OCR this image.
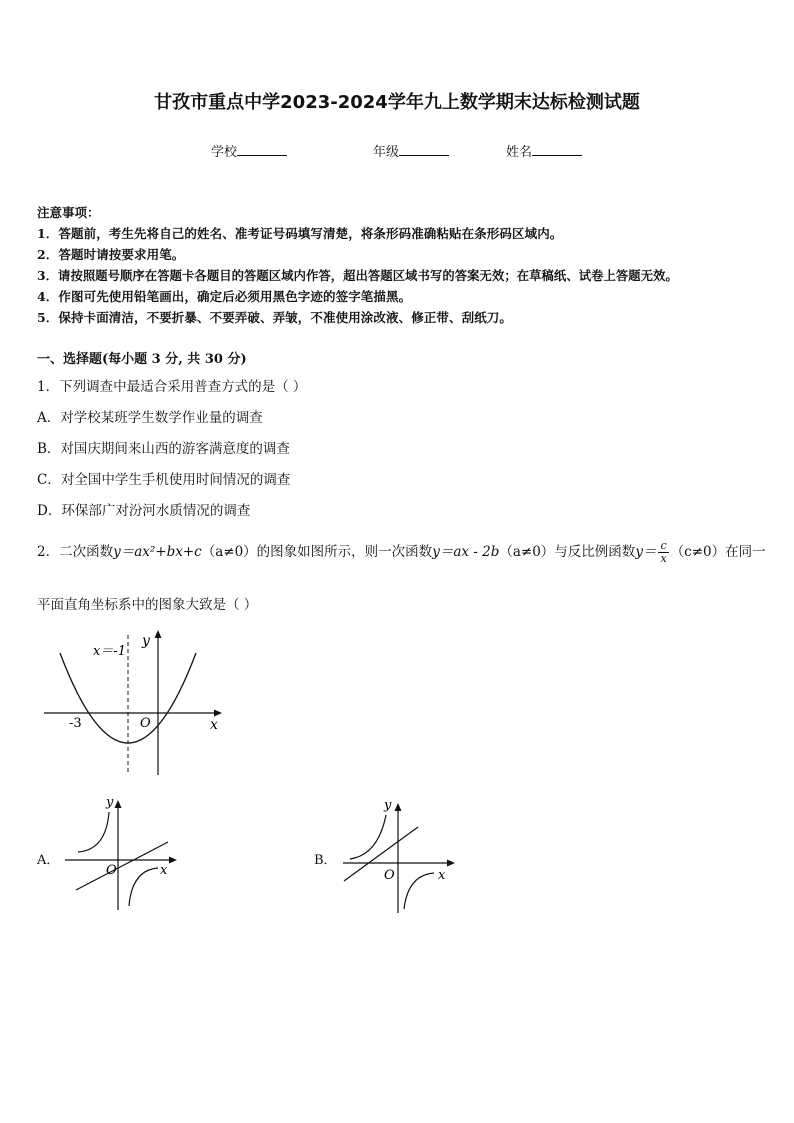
甘孜市重点中学2023-2024学年九上数学期末达标检测试题
学校	年级	姓名
注意事项：
1．答题前，考生先将自己的姓名、准考证号码填写清楚，将条形码准确粘贴在条形码区域内。
2．答题时请按要求用笔。
3．请按照题号顺序在答题卡各题目的答题区域内作答，超出答题区域书写的答案无效；在草稿纸、试卷上答题无效。
4．作图可先使用铅笔画出，确定后必须用黑色字迹的签字笔描黑。
5．保持卡面清洁，不要折暴、不要弄破、弄皱，不准使用涂改液、修正带、刮纸刀。
一、选择题(每小题 3 分, 共 30 分)
1．下列调查中最适合采用普查方式的是（ ）
A．对学校某班学生数学作业量的调查
B．对国庆期间来山西的游客满意度的调查
C．对全国中学生手机使用时间情况的调查
D．环保部广对汾河水质情况的调查
2．二次函数y＝ax²+bx+c（a≠0）的图象如图所示，则一次函数y＝ax - 2b（a≠0）与反比例函数$y= \frac{c}{x} (c\ne 0)$在同一
平面直角坐标系中的图象大致是（ ）
x＝-1
y
x
O
-3
A．
y
x
O
B．
y
x
O
